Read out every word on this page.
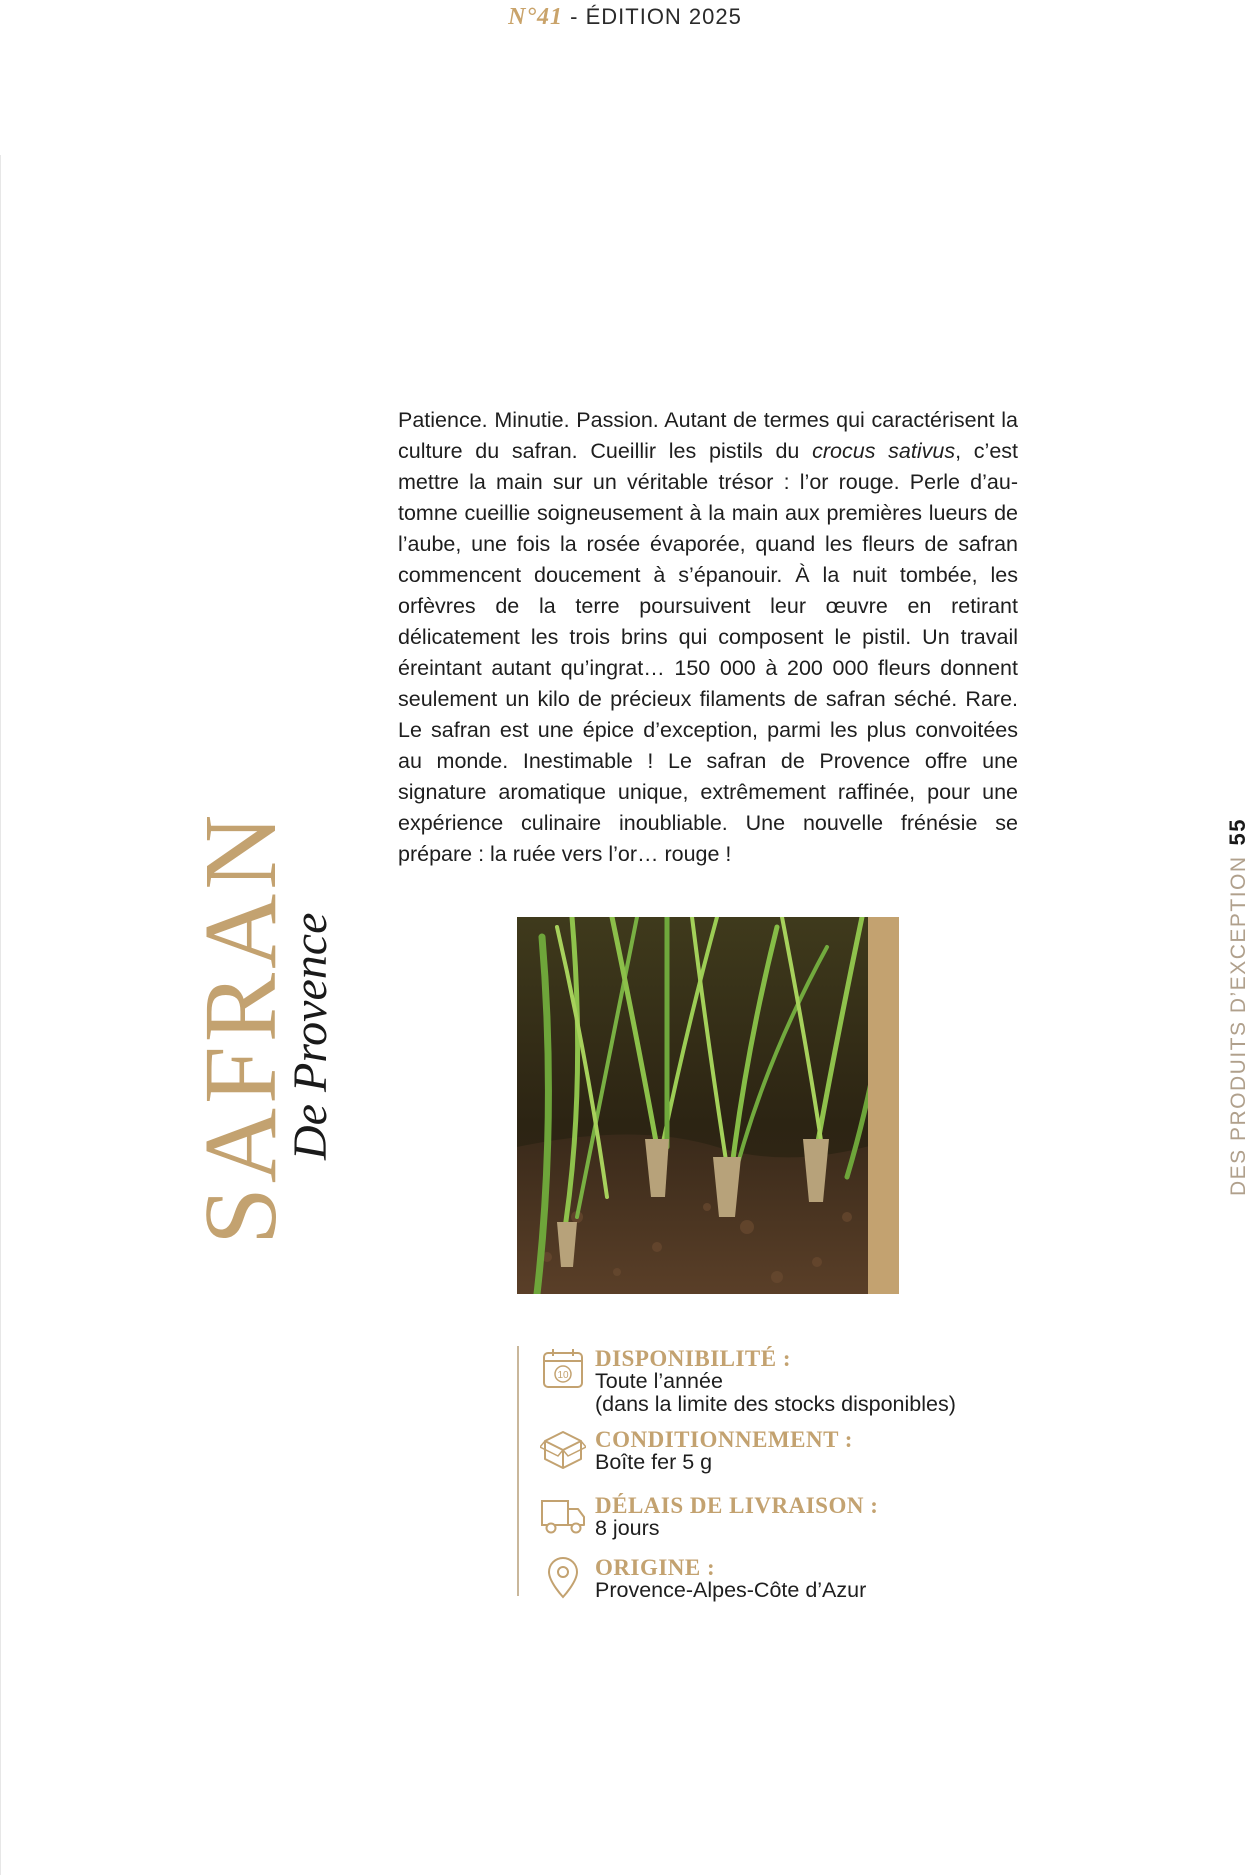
N°41 - ÉDITION 2025
SAFRAN
De Provence
Patience. Minutie. Passion. Autant de termes qui caractérisent la culture du safran. Cueillir les pistils du crocus sativus, c’est mettre la main sur un véritable trésor : l’or rouge. Perle d’automne cueillie soigneusement à la main aux premières lueurs de l’aube, une fois la rosée évaporée, quand les fleurs de safran commencent doucement à s’épanouir. À la nuit tombée, les orfèvres de la terre poursuivent leur œuvre en retirant délicatement les trois brins qui composent le pistil. Un travail éreintant autant qu’ingrat… 150 000 à 200 000 fleurs donnent seulement un kilo de précieux filaments de safran séché. Rare. Le safran est une épice d’exception, parmi les plus convoitées au monde. Inestimable ! Le safran de Provence offre une signature aromatique unique, extrêmement raffinée, pour une expérience culinaire inoubliable. Une nouvelle frénésie se prépare : la ruée vers l’or… rouge !
DES PRODUITS D’EXCEPTION55
10
DISPONIBILITÉ :
Toute l’année
(dans la limite des stocks disponibles)
CONDITIONNEMENT :
Boîte fer 5 g
DÉLAIS DE LIVRAISON :
8 jours
ORIGINE :
Provence-Alpes-Côte d’Azur
